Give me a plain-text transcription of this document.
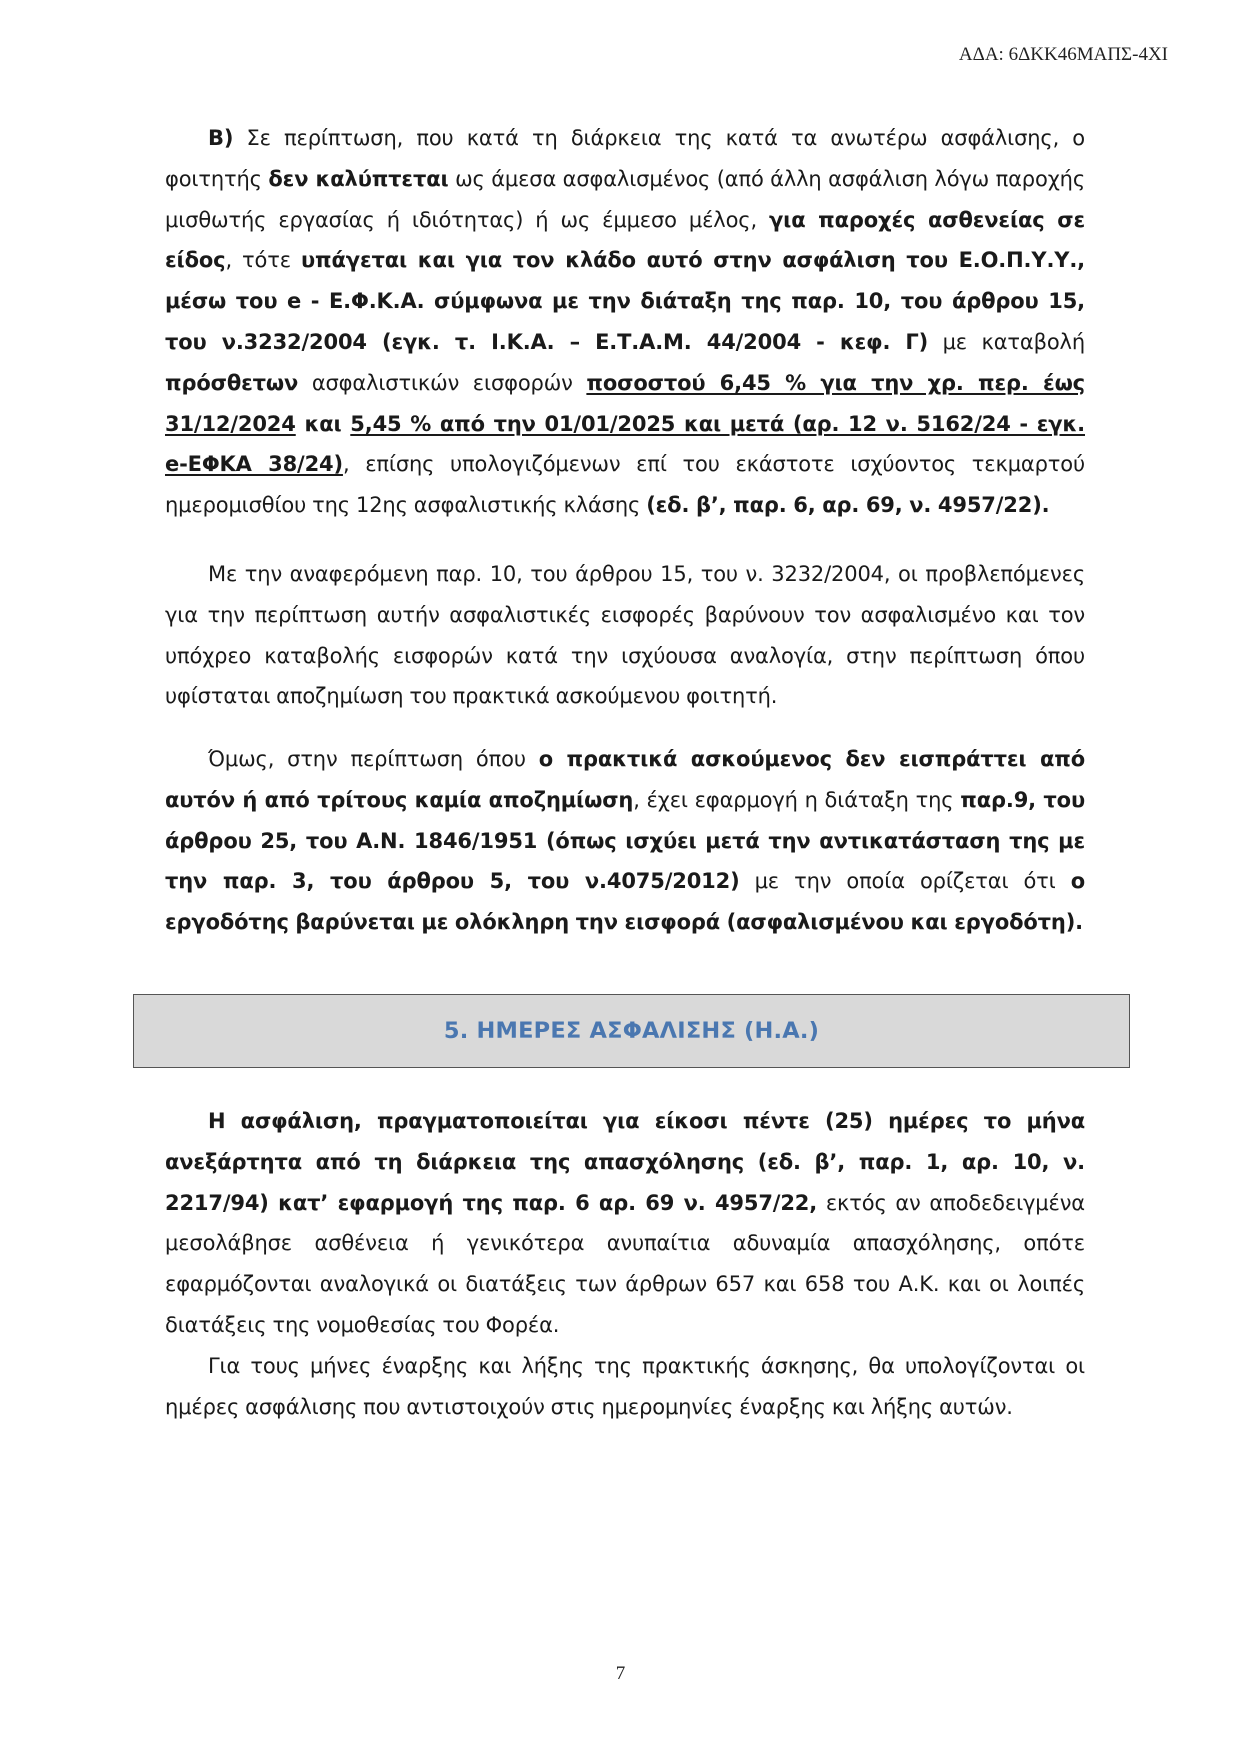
ΑΔΑ: 6ΔΚΚ46ΜΑΠΣ-4ΧΙ

Β) Σε περίπτωση, που κατά τη διάρκεια της κατά τα ανωτέρω ασφάλισης, ο φοιτητής δεν καλύπτεται ως άμεσα ασφαλισμένος (από άλλη ασφάλιση λόγω παροχής μισθωτής εργασίας ή ιδιότητας) ή ως έμμεσο μέλος, για παροχές ασθενείας σε είδος, τότε υπάγεται και για τον κλάδο αυτό στην ασφάλιση του Ε.Ο.Π.Υ.Υ., μέσω του e - Ε.Φ.Κ.Α. σύμφωνα με την διάταξη της παρ. 10, του άρθρου 15, του ν.3232/2004 (εγκ. τ. Ι.Κ.Α. – Ε.Τ.Α.Μ. 44/2004 - κεφ. Γ) με καταβολή πρόσθετων ασφαλιστικών εισφορών ποσοστού 6,45 % για την χρ. περ. έως 31/12/2024 και 5,45 % από την 01/01/2025 και μετά (αρ. 12 ν. 5162/24 - εγκ. e-ΕΦΚΑ 38/24), επίσης υπολογιζόμενων επί του εκάστοτε ισχύοντος τεκμαρτού ημερομισθίου της 12ης ασφαλιστικής κλάσης (εδ. β’, παρ. 6, αρ. 69, ν. 4957/22).

Με την αναφερόμενη παρ. 10, του άρθρου 15, του ν. 3232/2004, οι προβλεπόμενες για την περίπτωση αυτήν ασφαλιστικές εισφορές βαρύνουν τον ασφαλισμένο και τον υπόχρεο καταβολής εισφορών κατά την ισχύουσα αναλογία, στην περίπτωση όπου υφίσταται αποζημίωση του πρακτικά ασκούμενου φοιτητή.

Όμως, στην περίπτωση όπου ο πρακτικά ασκούμενος δεν εισπράττει από αυτόν ή από τρίτους καμία αποζημίωση, έχει εφαρμογή η διάταξη της παρ.9, του άρθρου 25, του Α.Ν. 1846/1951 (όπως ισχύει μετά την αντικατάσταση της με την παρ. 3, του άρθρου 5, του ν.4075/2012) με την οποία ορίζεται ότι ο εργοδότης βαρύνεται με ολόκληρη την εισφορά (ασφαλισμένου και εργοδότη).

5. ΗΜΕΡΕΣ ΑΣΦΑΛΙΣΗΣ (Η.Α.)

Η ασφάλιση, πραγματοποιείται για είκοσι πέντε (25) ημέρες το μήνα ανεξάρτητα από τη διάρκεια της απασχόλησης (εδ. β’, παρ. 1, αρ. 10, ν. 2217/94) κατ’ εφαρμογή της παρ. 6 αρ. 69 ν. 4957/22, εκτός αν αποδεδειγμένα μεσολάβησε ασθένεια ή γενικότερα ανυπαίτια αδυναμία απασχόλησης, οπότε εφαρμόζονται αναλογικά οι διατάξεις των άρθρων 657 και 658 του Α.Κ. και οι λοιπές διατάξεις της νομοθεσίας του Φορέα.

Για τους μήνες έναρξης και λήξης της πρακτικής άσκησης, θα υπολογίζονται οι ημέρες ασφάλισης που αντιστοιχούν στις ημερομηνίες έναρξης και λήξης αυτών.

7
